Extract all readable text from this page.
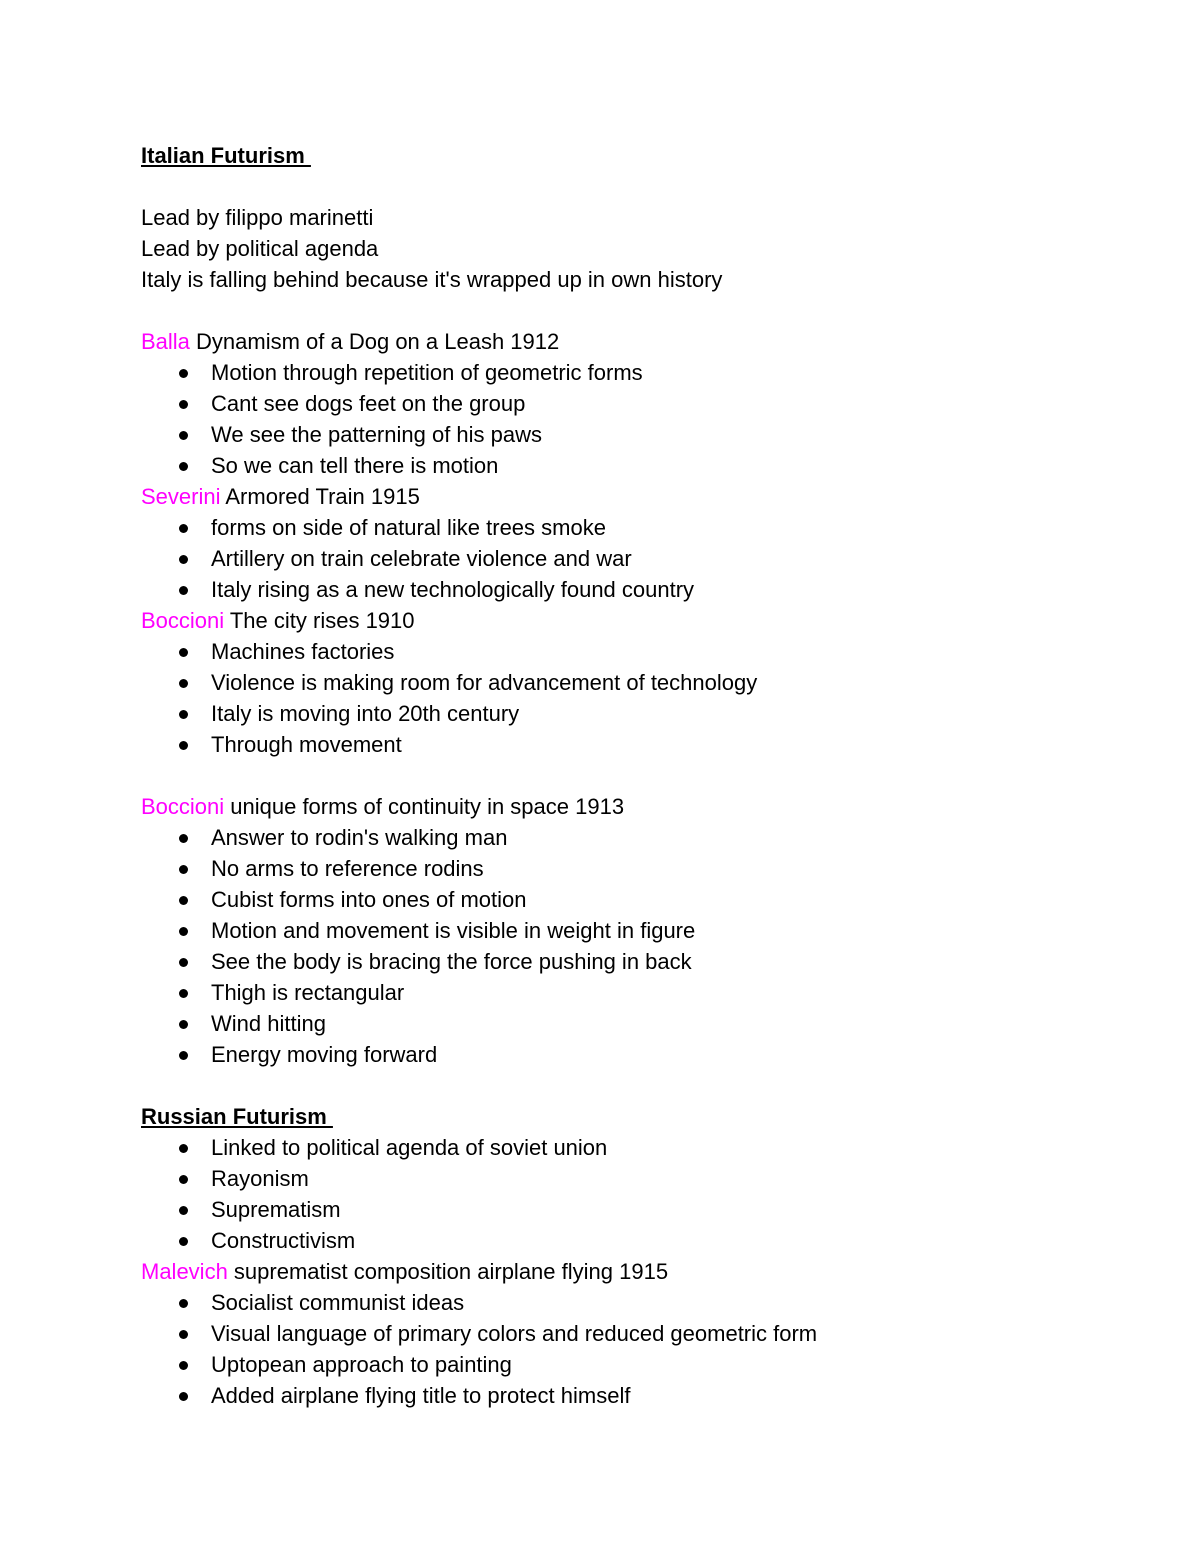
Italian Futurism
Lead by filippo marinetti
Lead by political agenda
Italy is falling behind because it's wrapped up in own history
Balla Dynamism of a Dog on a Leash 1912
Motion through repetition of geometric forms
Cant see dogs feet on the group
We see the patterning of his paws
So we can tell there is motion
Severini Armored Train 1915
forms on side of natural like trees smoke
Artillery on train celebrate violence and war
Italy rising as a new technologically found country
Boccioni The city rises 1910
Machines factories
Violence is making room for advancement of technology
Italy is moving into 20th century
Through movement
Boccioni unique forms of continuity in space 1913
Answer to rodin's walking man
No arms to reference rodins
Cubist forms into ones of motion
Motion and movement is visible in weight in figure
See the body is bracing the force pushing in back
Thigh is rectangular
Wind hitting
Energy moving forward
Russian Futurism
Linked to political agenda of soviet union
Rayonism
Suprematism
Constructivism
Malevich suprematist composition airplane flying 1915
Socialist communist ideas
Visual language of primary colors and reduced geometric form
Uptopean approach to painting
Added airplane flying title to protect himself
